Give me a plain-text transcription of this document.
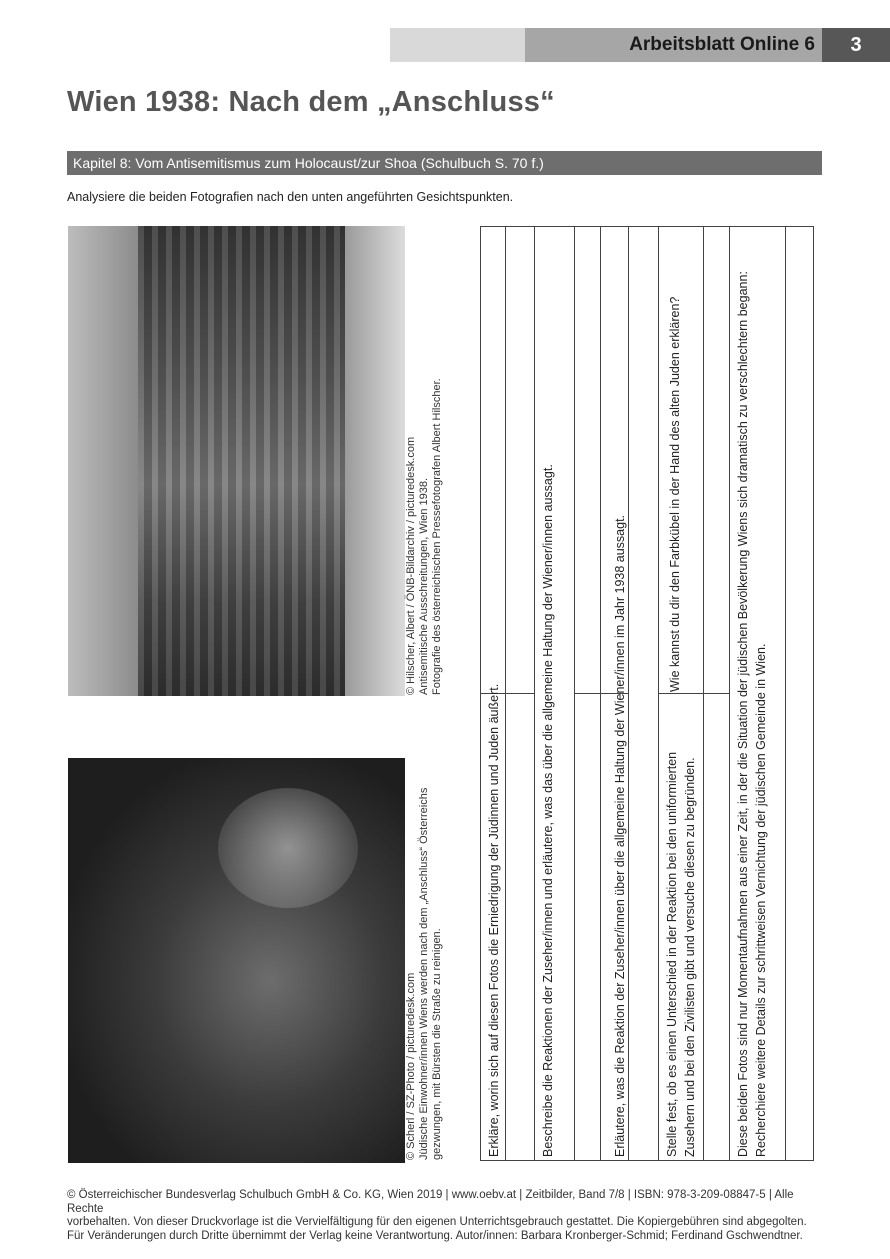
Arbeitsblatt Online 6	3
Wien 1938: Nach dem „Anschluss“
Kapitel 8: Vom Antisemitismus zum Holocaust/zur Shoa (Schulbuch S. 70 f.)
Analysiere die beiden Fotografien nach den unten angeführten Gesichtspunkten.
© Hilscher, Albert / ÖNB-Bildarchiv / picturedesk.com Antisemitische Ausschreitungen, Wien 1938. Fotografie des österreichischen Pressefotografen Albert Hilscher.
© Scherl / SZ-Photo / picturedesk.com Jüdische Einwohner/innen Wiens werden nach dem „Anschluss“ Österreichs gezwungen, mit Bürsten die Straße zu reinigen.	Erkläre, worin sich auf diesen Fotos die Erniedrigung der Jüdinnen und Juden äußert.	Beschreibe die Reaktionen der Zuseher/innen und erläutere, was das über die allgemeine Haltung der Wiener/innen aussagt.	Erläutere, was die Reaktion der Zuseher/innen über die allgemeine Haltung der Wiener/innen im Jahr 1938 aussagt.	Stelle fest, ob es einen Unterschied in der Reaktion bei den uniformierten Zusehern und bei den Zivilisten gibt und versuche diesen zu begründen.
Wie kannst du dir den Farbkübel in der Hand des alten Juden erklären?	Diese beiden Fotos sind nur Momentaufnahmen aus einer Zeit, in der die Situation der jüdischen Bevölkerung Wiens sich dramatisch zu verschlechtern begann: Recherchiere weitere Details zur schrittweisen Vernichtung der jüdischen Gemeinde in Wien.
© Österreichischer Bundesverlag Schulbuch GmbH & Co. KG, Wien 2019 | www.oebv.at | Zeitbilder, Band 7/8 | ISBN: 978-3-209-08847-5 | Alle Rechte
vorbehalten. Von dieser Druckvorlage ist die Vervielfältigung für den eigenen Unterrichtsgebrauch gestattet. Die Kopiergebühren sind abgegolten.
Für Veränderungen durch Dritte übernimmt der Verlag keine Verantwortung. Autor/innen: Barbara Kronberger-Schmid; Ferdinand Gschwendtner.
